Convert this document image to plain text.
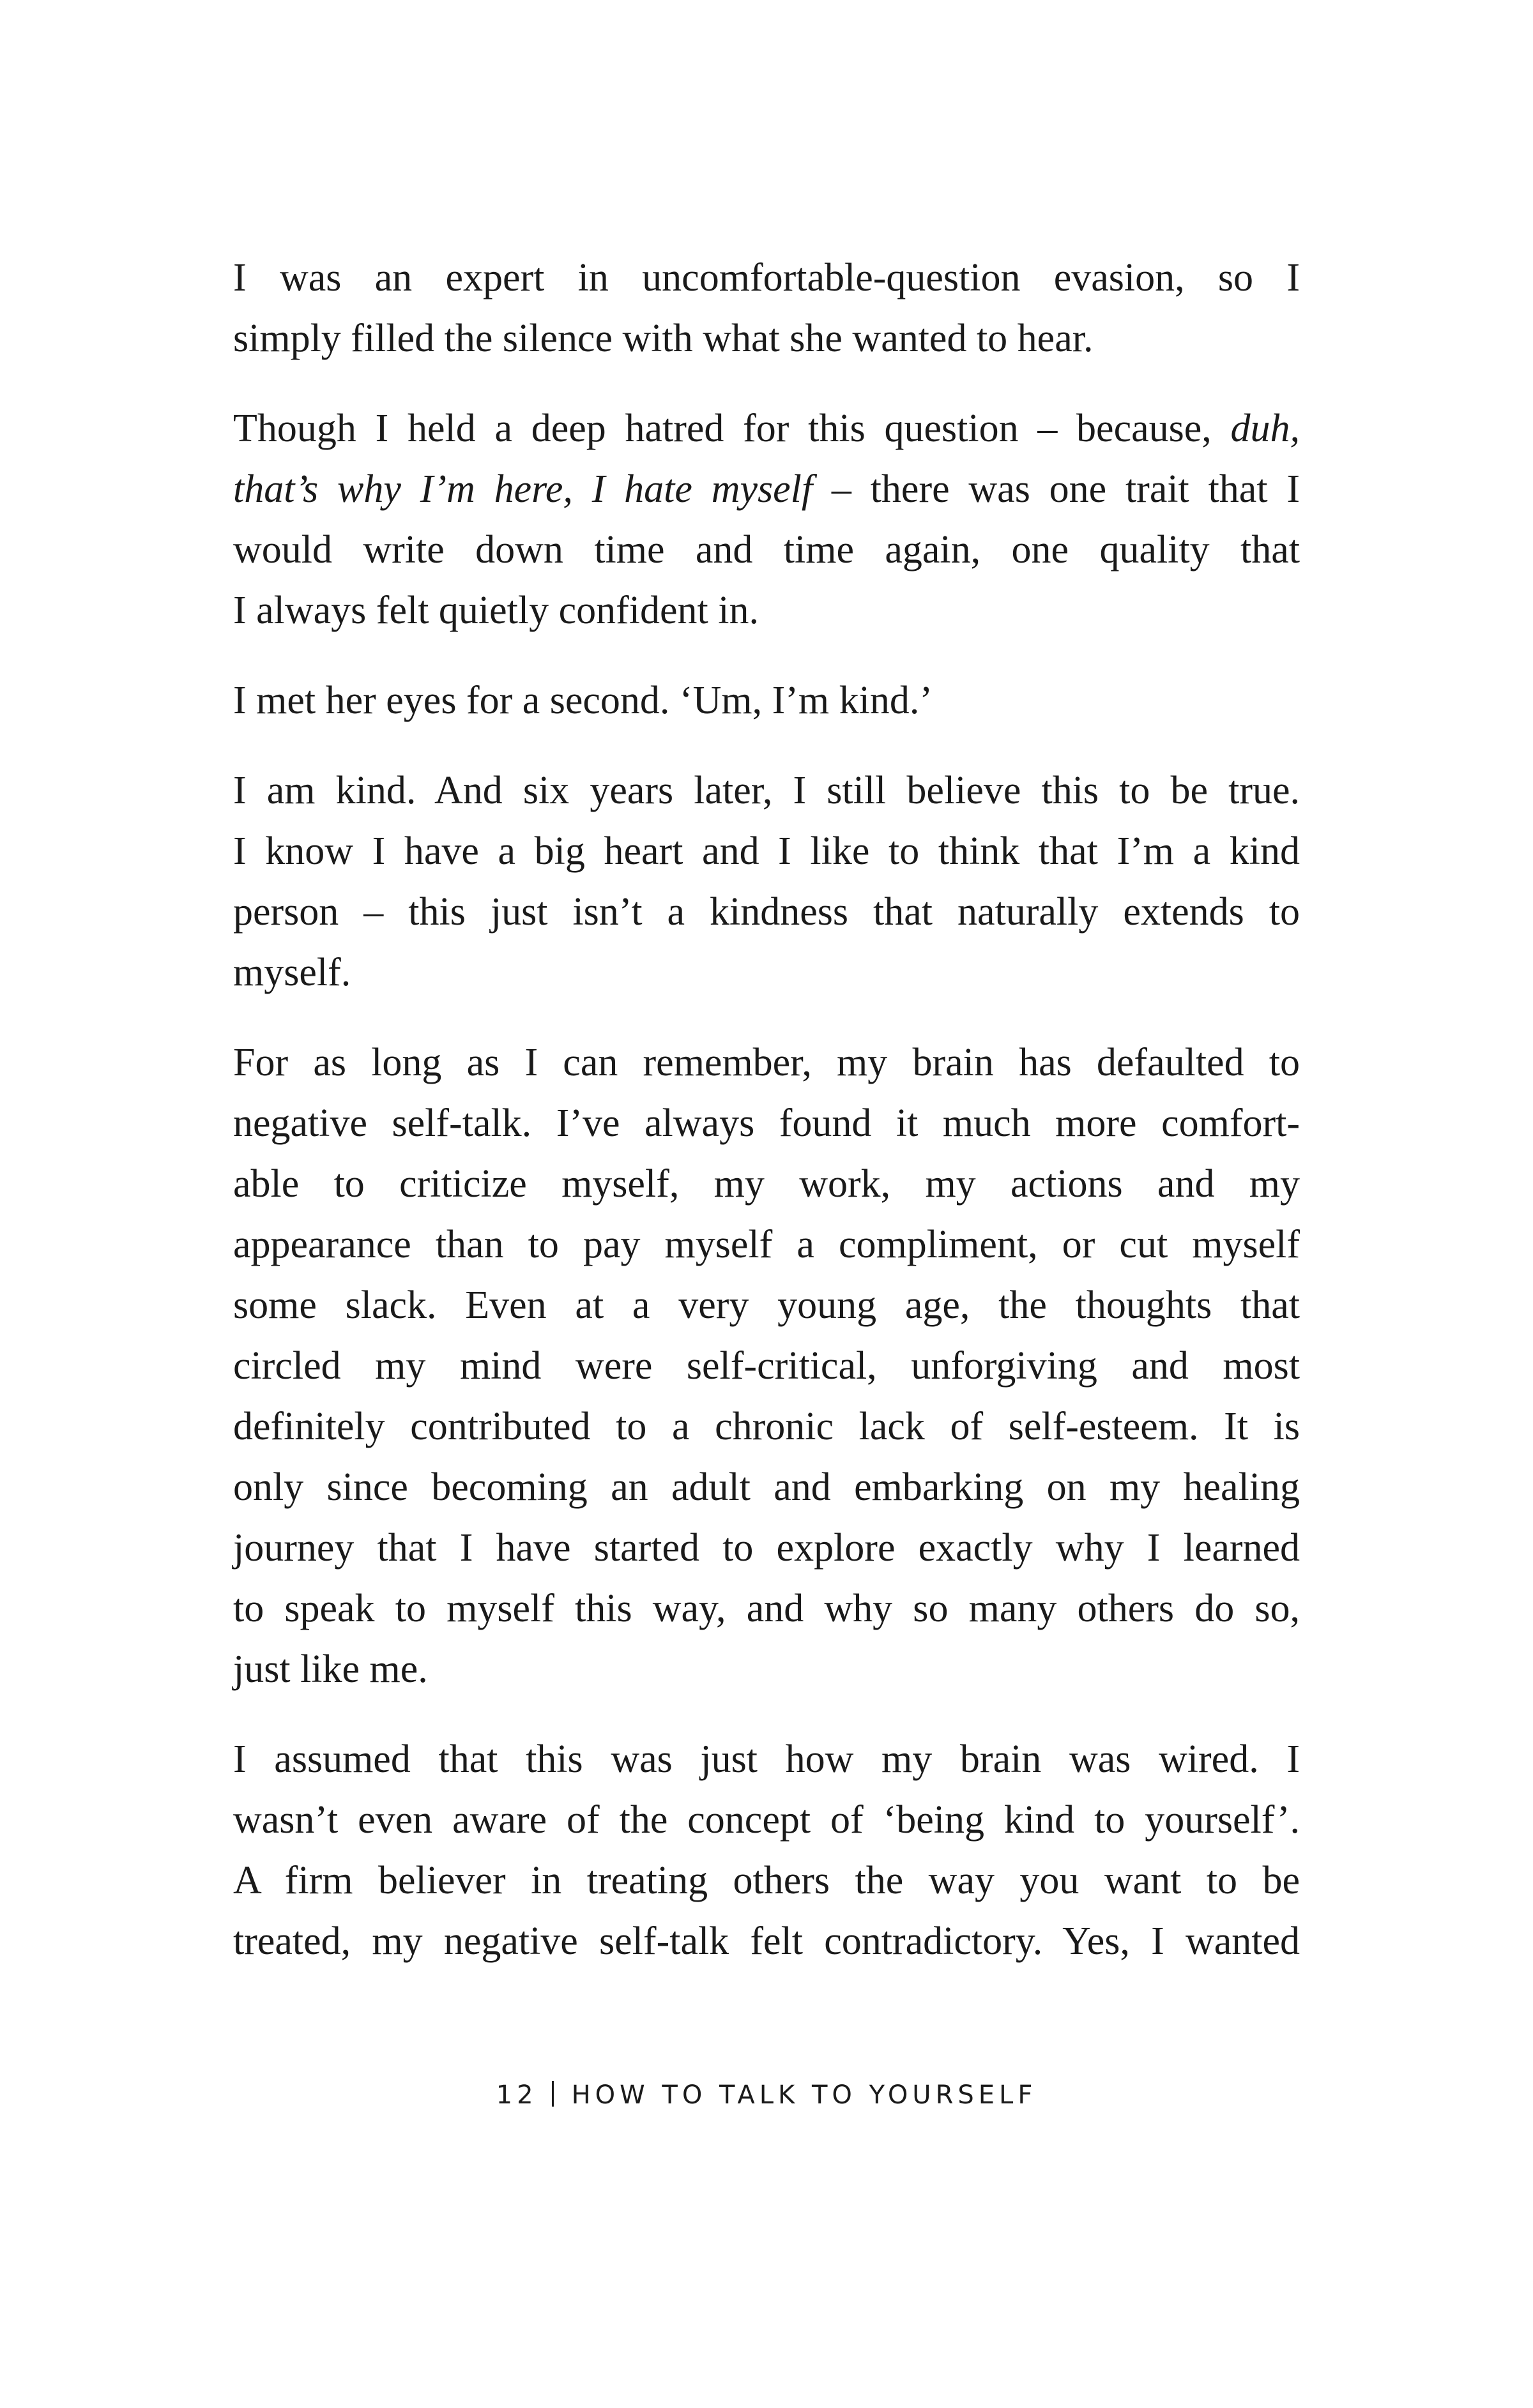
I was an expert in uncomfortable-question evasion, so I
simply filled the silence with what she wanted to hear.

Though I held a deep hatred for this question – because, duh,
that’s why I’m here, I hate myself – there was one trait that I
would write down time and time again, one quality that
I always felt quietly confident in.

I met her eyes for a second. ‘Um, I’m kind.’

I am kind. And six years later, I still believe this to be true.
I know I have a big heart and I like to think that I’m a kind
person – this just isn’t a kindness that naturally extends to
myself.

For as long as I can remember, my brain has defaulted to
negative self-talk. I’ve always found it much more comfort-
able to criticize myself, my work, my actions and my
appearance than to pay myself a compliment, or cut myself
some slack. Even at a very young age, the thoughts that
circled my mind were self-critical, unforgiving and most
definitely contributed to a chronic lack of self-esteem. It is
only since becoming an adult and embarking on my healing
journey that I have started to explore exactly why I learned
to speak to myself this way, and why so many others do so,
just like me.

I assumed that this was just how my brain was wired. I
wasn’t even aware of the concept of ‘being kind to yourself’.
A firm believer in treating others the way you want to be
treated, my negative self-talk felt contradictory. Yes, I wanted

12 HOW TO TALK TO YOURSELF
